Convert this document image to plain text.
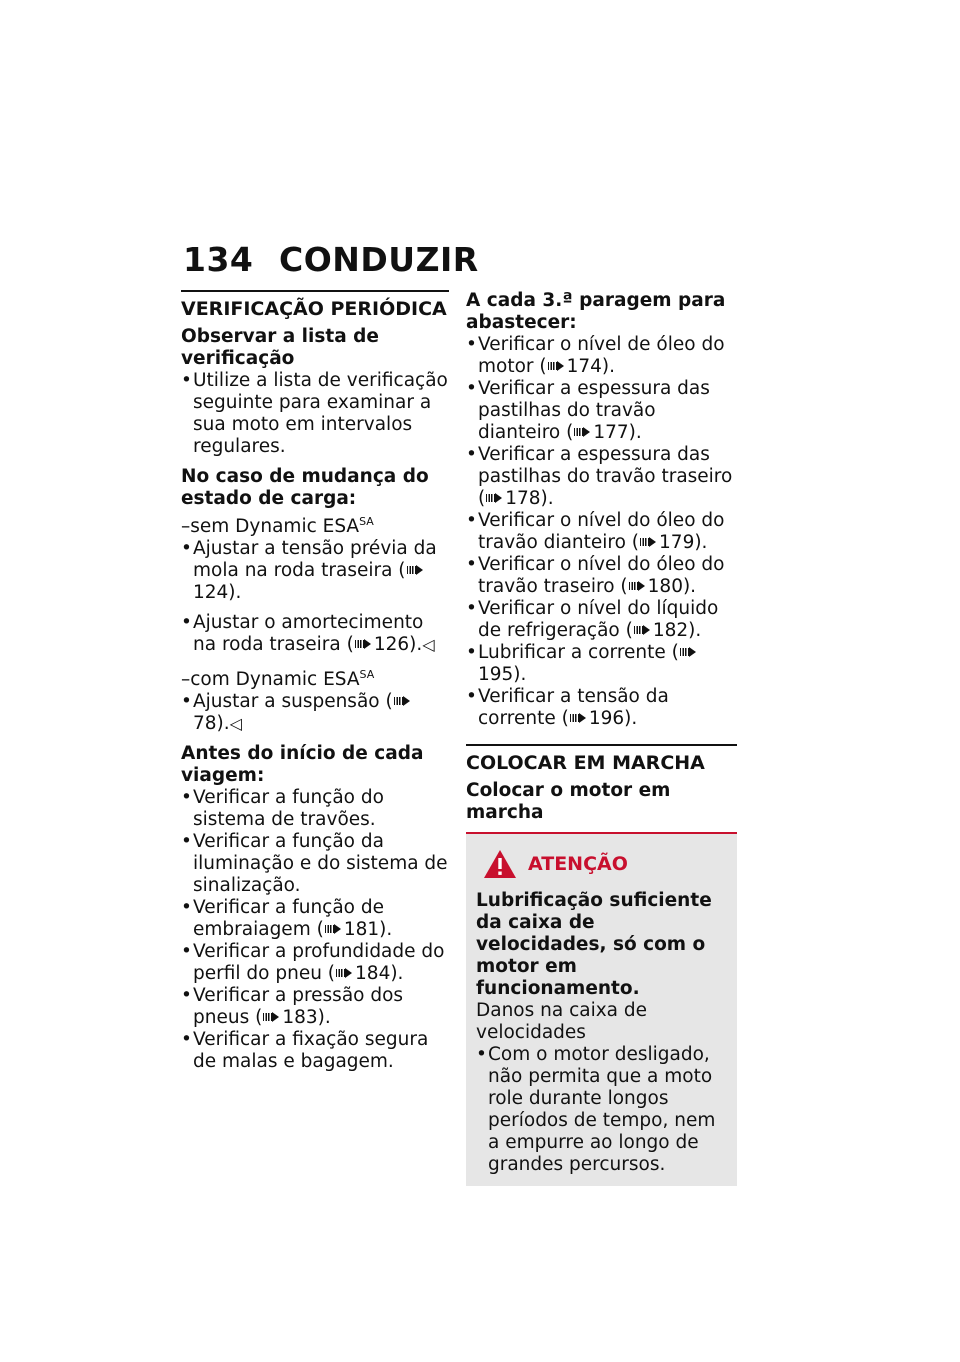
134 CONDUZIR
VERIFICAÇÃO PERIÓDICA
Observar a lista de verificação
• Utilize a lista de verificação seguinte para examinar a sua moto em intervalos regulares.
No caso de mudança do estado de carga:
–sem Dynamic $ESA^{SA}$
• Ajustar a tensão prévia da mola na roda traseira (124).
• Ajustar o amortecimento na roda traseira ( 126).◁
–com Dynamic $ESA^{SA}$
• Ajustar a suspensão (78).◁
Antes do início de cada viagem:
• Verificar a função do sistema de travões.
• Verificar a função da iluminação e do sistema de sinalização.
• Verificar a função de embraiagem ( 181).
• Verificar a profundidade do perfil do pneu ( 184).
• Verificar a pressão dos pneus ( 183).
• Verificar a fixação segura de malas e bagagem.
A cada 3.ª paragem para abastecer:
• Verificar o nível de óleo do motor ( 174).
• Verificar a espessura das pastilhas do travão dianteiro ( 177).
• Verificar a espessura das pastilhas do travão traseiro ( 178).
• Verificar o nível do óleo do travão dianteiro ( 179).
• Verificar o nível do óleo do travão traseiro ( 180).
• Verificar o nível do líquido de refrigeração ( 182).
• Lubrificar a corrente (195).
• Verificar a tensão da corrente ( 196).
COLOCAR EM MARCHA
Colocar o motor em marcha
ATENÇÃO
Lubrificação suficiente da caixa de velocidades, só com o motor em funcionamento.
Danos na caixa de velocidades
• Com o motor desligado, não permita que a moto role durante longos períodos de tempo, nem a empurre ao longo de grandes percursos.
